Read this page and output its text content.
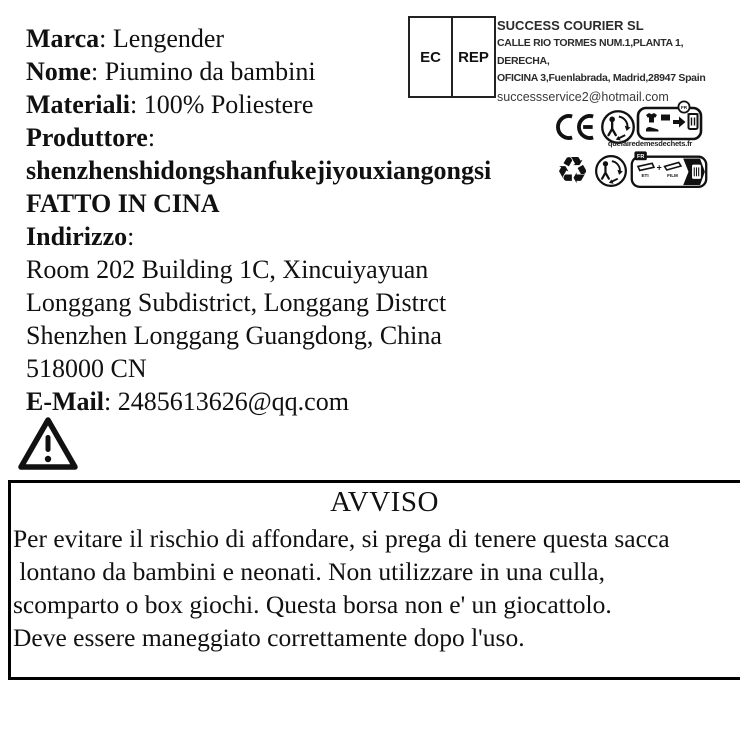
Marca: Lengender
Nome: Piumino da bambini
Materiali: 100% Poliestere
Produttore:
shenzhenshidongshanfukejiyouxiangongsi
FATTO IN CINA
Indirizzo:
Room 202 Building 1C, Xincuiyayuan
Longgang Subdistrict, Longgang Distrct
Shenzhen Longgang Guangdong, China
518000 CN
E-Mail: 2485613626@qq.com
EC	REP
SUCCESS COURIER SL
CALLE RIO TORMES NUM.1,PLANTA 1, DERECHA,
OFICINA 3,Fuenlabrada, Madrid,28947 Spain
successservice2@hotmail.com
FR
quefairedemesdechets.fr
♻	FR
ETI
+
FILM
AVVISO
Per evitare il rischio di affondare, si prega di tenere questa sacca
lontano da bambini e neonati. Non utilizzare in una culla,
scomparto o box giochi. Questa borsa non e' un giocattolo.
Deve essere maneggiato correttamente dopo l'uso.
